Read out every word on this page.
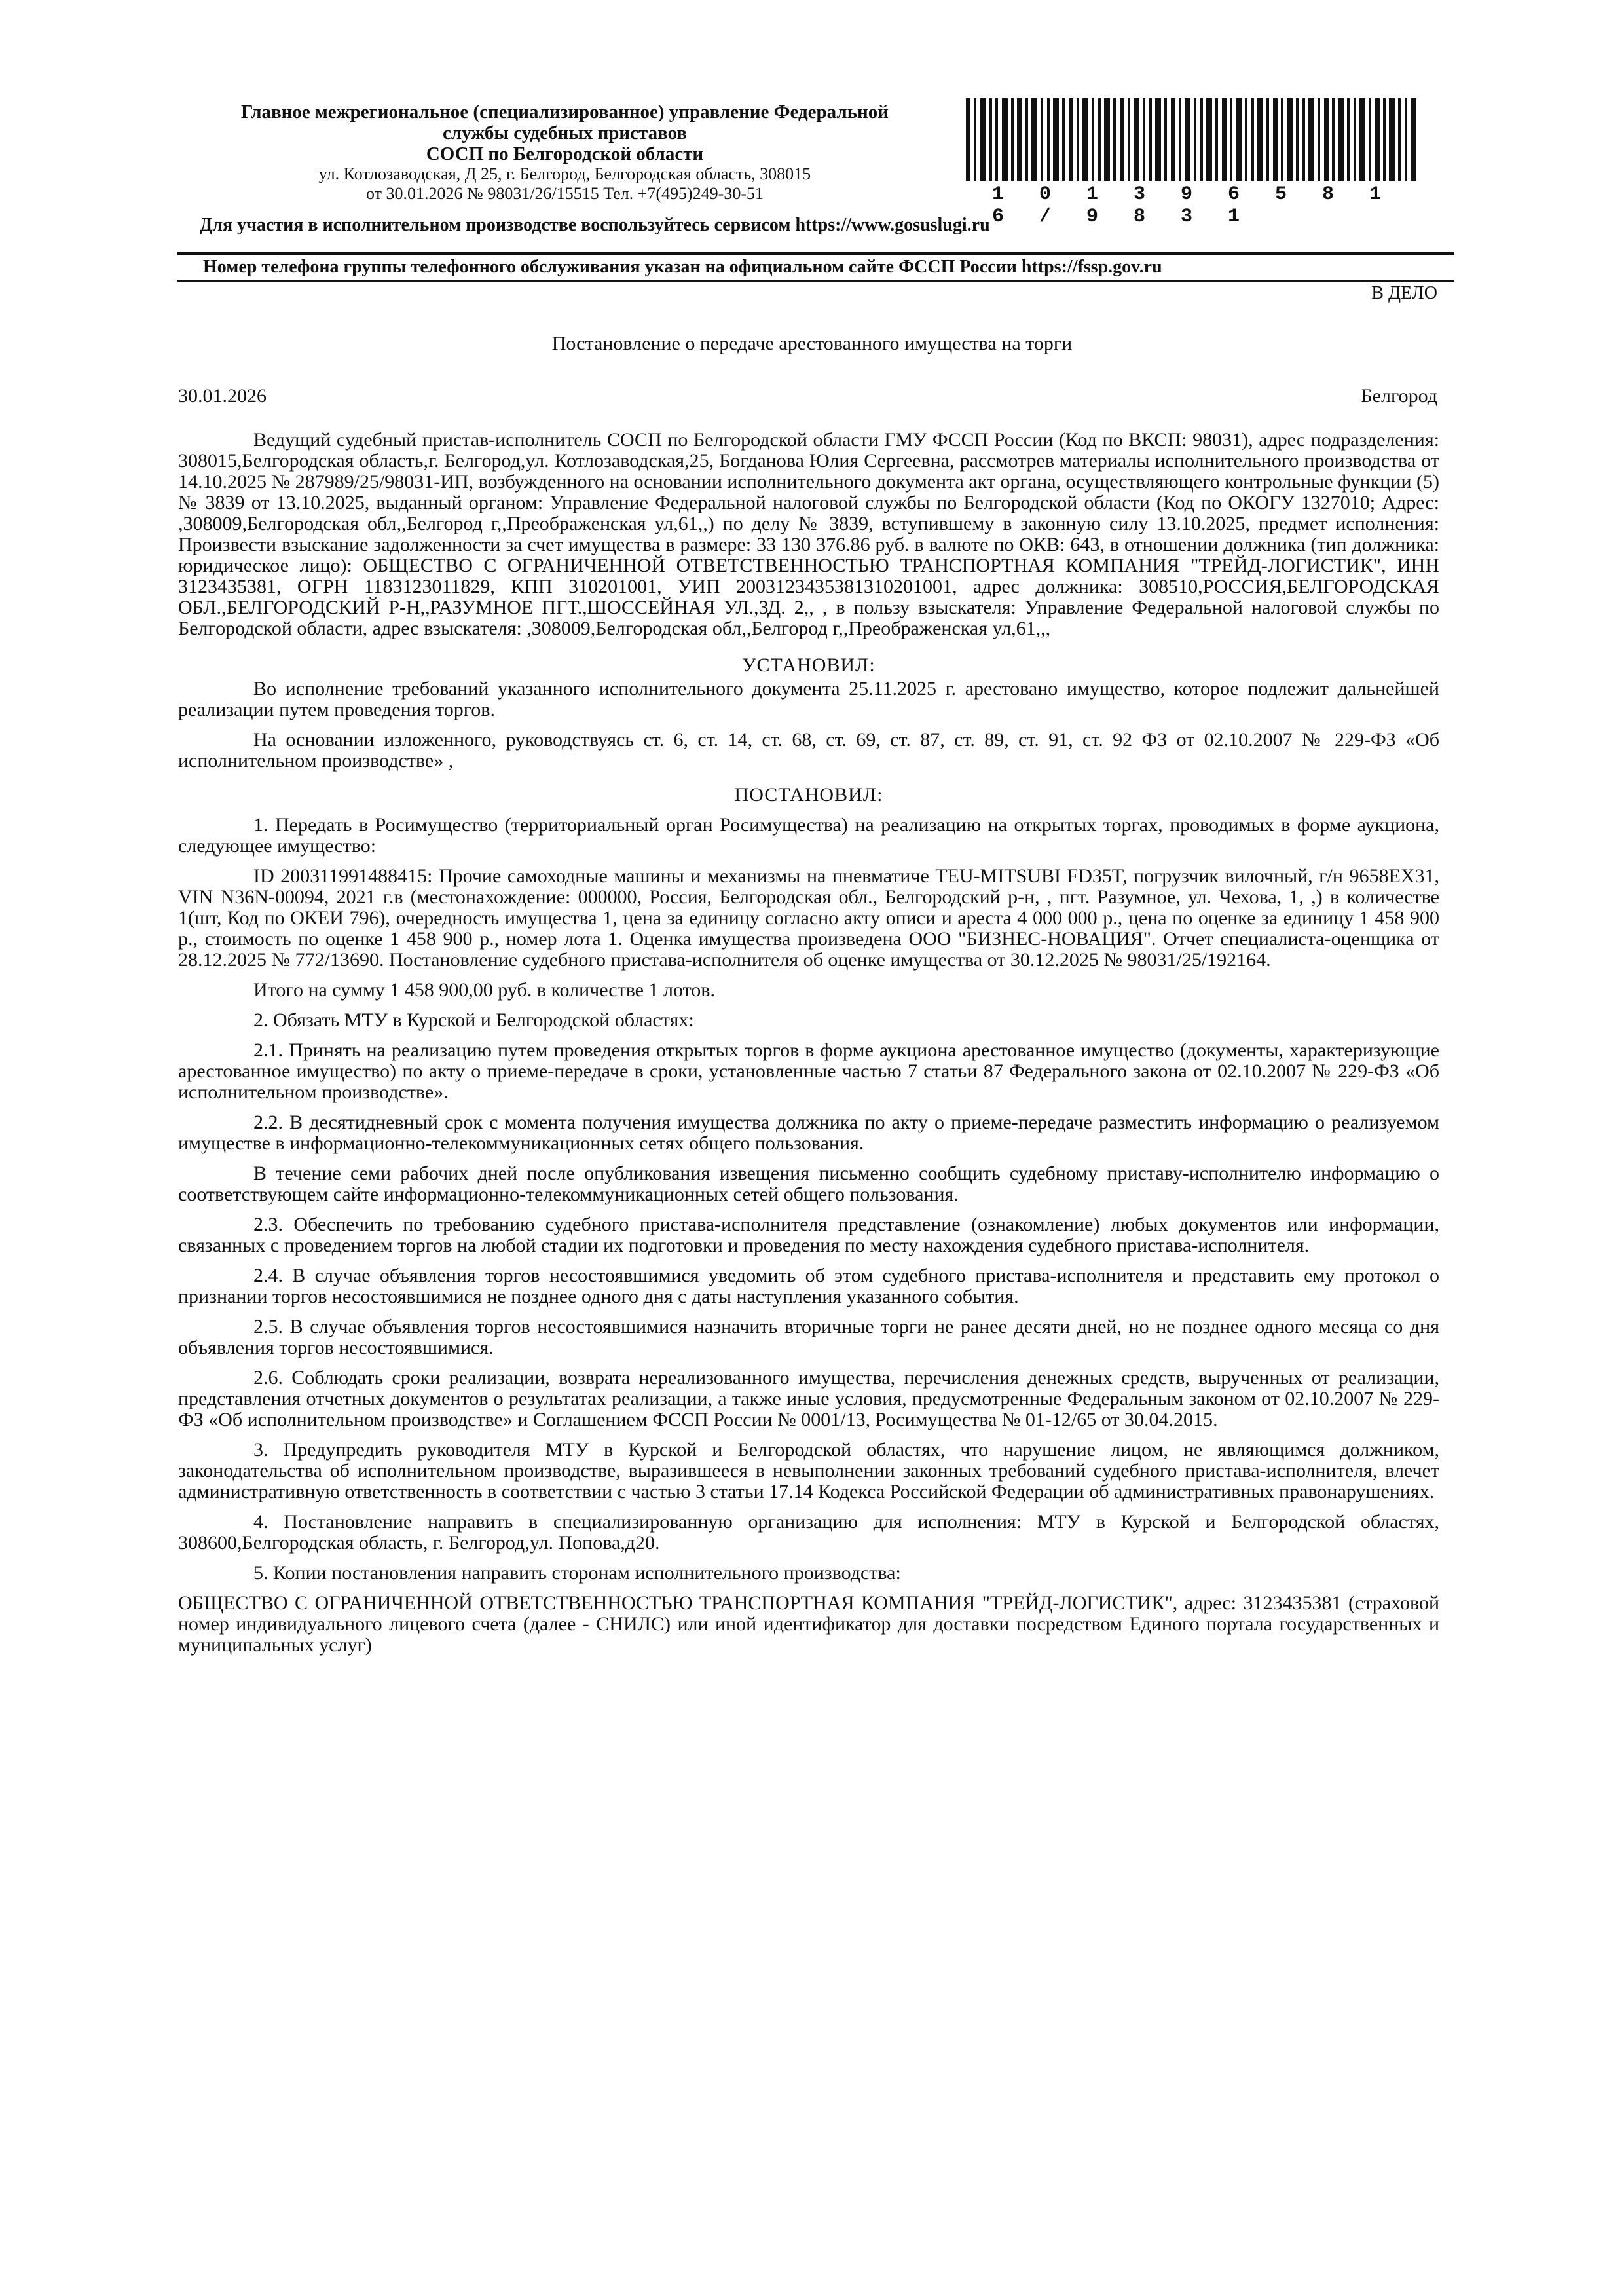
Главное межрегиональное (специализированное) управление Федеральной
службы судебных приставов
СОСП по Белгородской области
ул. Котлозаводская, Д 25, г. Белгород, Белгородская область, 308015
от 30.01.2026 № 98031/26/15515 Тел. +7(495)249-30-51	1 0 1 3 9 6 5 8 1 6 / 9 8 3 1
Для участия в исполнительном производстве воспользуйтесь сервисом https://www.gosuslugi.ru
Номер телефона группы телефонного обслуживания указан на официальном сайте ФССП России https://fssp.gov.ru
В ДЕЛО
Постановление о передаче арестованного имущества на торги
30.01.2026	Белгород

Ведущий судебный пристав-исполнитель СОСП по Белгородской области ГМУ ФССП России (Код по ВКСП: 98031), адрес подразделения: 308015,Белгородская область,г. Белгород,ул. Котлозаводская,25, Богданова Юлия Сергеевна, рассмотрев материалы исполнительного производства от 14.10.2025 № 287989/25/98031-ИП, возбужденного на основании исполнительного документа акт органа, осуществляющего контрольные функции (5) № 3839 от 13.10.2025, выданный органом: Управление Федеральной налоговой службы по Белгородской области (Код по ОКОГУ 1327010; Адрес: ,308009,Белгородская обл,,Белгород г,,Преображенская ул,61,,) по делу № 3839, вступившему в законную силу 13.10.2025, предмет исполнения: Произвести взыскание задолженности за счет имущества в размере: 33 130 376.86 руб. в валюте по ОКВ: 643, в отношении должника (тип должника: юридическое лицо): ОБЩЕСТВО С ОГРАНИЧЕННОЙ ОТВЕТСТВЕННОСТЬЮ ТРАНСПОРТНАЯ КОМПАНИЯ "ТРЕЙД-ЛОГИСТИК", ИНН 3123435381, ОГРН 1183123011829, КПП 310201001, УИП 2003123435381310201001, адрес должника: 308510,РОССИЯ,БЕЛГОРОДСКАЯ ОБЛ.,БЕЛГОРОДСКИЙ Р-Н,,РАЗУМНОЕ ПГТ.,ШОССЕЙНАЯ УЛ.,ЗД. 2,, , в пользу взыскателя: Управление Федеральной налоговой службы по Белгородской области, адрес взыскателя: ,308009,Белгородская обл,,Белгород г,,Преображенская ул,61,,,

УСТАНОВИЛ:

Во исполнение требований указанного исполнительного документа 25.11.2025 г. арестовано имущество, которое подлежит дальнейшей реализации путем проведения торгов.

На основании изложенного, руководствуясь ст. 6, ст. 14, ст. 68, ст. 69, ст. 87, ст. 89, ст. 91, ст. 92 ФЗ от 02.10.2007 № 229-ФЗ «Об исполнительном производстве» ,

ПОСТАНОВИЛ:

1. Передать в Росимущество (территориальный орган Росимущества) на реализацию на открытых торгах, проводимых в форме аукциона, следующее имущество:

ID 200311991488415: Прочие самоходные машины и механизмы на пневматиче TEU-MITSUBI FD35T, погрузчик вилочный, г/н 9658EX31, VIN N36N-00094, 2021 г.в (местонахождение: 000000, Россия, Белгородская обл., Белгородский р-н, , пгт. Разумное, ул. Чехова, 1, ,) в количестве 1(шт, Код по ОКЕИ 796), очередность имущества 1, цена за единицу согласно акту описи и ареста 4 000 000 р., цена по оценке за единицу 1 458 900 р., стоимость по оценке 1 458 900 р., номер лота 1. Оценка имущества произведена ООО "БИЗНЕС-НОВАЦИЯ". Отчет специалиста-оценщика от 28.12.2025 № 772/13690. Постановление судебного пристава-исполнителя об оценке имущества от 30.12.2025 № 98031/25/192164.

Итого на сумму 1 458 900,00 руб. в количестве 1 лотов.

2. Обязать МТУ в Курской и Белгородской областях:

2.1. Принять на реализацию путем проведения открытых торгов в форме аукциона арестованное имущество (документы, характеризующие арестованное имущество) по акту о приеме-передаче в сроки, установленные частью 7 статьи 87 Федерального закона от 02.10.2007 № 229-ФЗ «Об исполнительном производстве».

2.2. В десятидневный срок с момента получения имущества должника по акту о приеме-передаче разместить информацию о реализуемом имуществе в информационно-телекоммуникационных сетях общего пользования.

В течение семи рабочих дней после опубликования извещения письменно сообщить судебному приставу-исполнителю информацию о соответствующем сайте информационно-телекоммуникационных сетей общего пользования.

2.3. Обеспечить по требованию судебного пристава-исполнителя представление (ознакомление) любых документов или информации, связанных с проведением торгов на любой стадии их подготовки и проведения по месту нахождения судебного пристава-исполнителя.

2.4. В случае объявления торгов несостоявшимися уведомить об этом судебного пристава-исполнителя и представить ему протокол о признании торгов несостоявшимися не позднее одного дня с даты наступления указанного события.

2.5. В случае объявления торгов несостоявшимися назначить вторичные торги не ранее десяти дней, но не позднее одного месяца со дня объявления торгов несостоявшимися.

2.6. Соблюдать сроки реализации, возврата нереализованного имущества, перечисления денежных средств, вырученных от реализации, представления отчетных документов о результатах реализации, а также иные условия, предусмотренные Федеральным законом от 02.10.2007 № 229-ФЗ «Об исполнительном производстве» и Соглашением ФССП России № 0001/13, Росимущества № 01-12/65 от 30.04.2015.

3. Предупредить руководителя МТУ в Курской и Белгородской областях, что нарушение лицом, не являющимся должником, законодательства об исполнительном производстве, выразившееся в невыполнении законных требований судебного пристава-исполнителя, влечет административную ответственность в соответствии с частью 3 статьи 17.14 Кодекса Российской Федерации об административных правонарушениях.

4. Постановление направить в специализированную организацию для исполнения: МТУ в Курской и Белгородской областях, 308600,Белгородская область, г. Белгород,ул. Попова,д20.

5. Копии постановления направить сторонам исполнительного производства:

ОБЩЕСТВО С ОГРАНИЧЕННОЙ ОТВЕТСТВЕННОСТЬЮ ТРАНСПОРТНАЯ КОМПАНИЯ "ТРЕЙД-ЛОГИСТИК", адрес: 3123435381 (страховой номер индивидуального лицевого счета (далее - СНИЛС) или иной идентификатор для доставки посредством Единого портала государственных и муниципальных услуг)
